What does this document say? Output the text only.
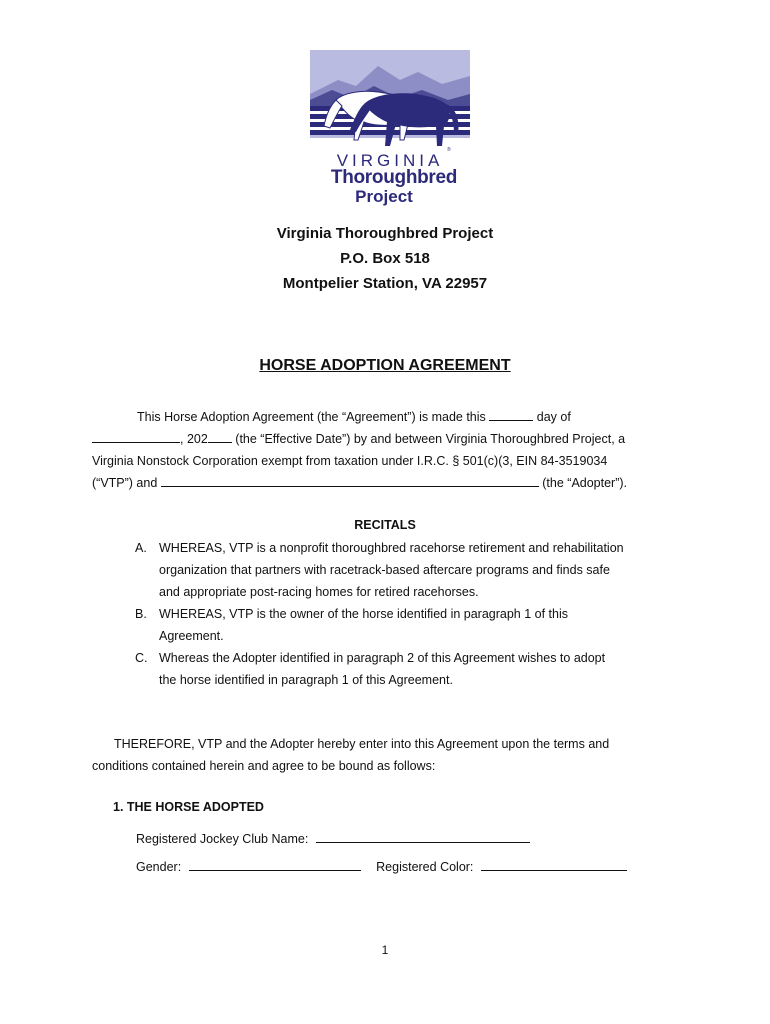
VIRGINIA
®
Thoroughbred
Project
Virginia Thoroughbred Project
P.O. Box 518
Montpelier Station, VA 22957
HORSE ADOPTION AGREEMENT
This Horse Adoption Agreement (the “Agreement”) is made this	day of
, 202 (the “Effective Date”) by and between Virginia Thoroughbred Project, a
Virginia Nonstock Corporation exempt from taxation under I.R.C. § 501(c)(3, EIN 84-3519034
(“VTP”) and	(the “Adopter”).
RECITALS
A. WHEREAS, VTP is a nonprofit thoroughbred racehorse retirement and rehabilitation
organization that partners with racetrack-based aftercare programs and finds safe
and appropriate post-racing homes for retired racehorses.
B. WHEREAS, VTP is the owner of the horse identified in paragraph 1 of this
Agreement.
C. Whereas the Adopter identified in paragraph 2 of this Agreement wishes to adopt
the horse identified in paragraph 1 of this Agreement.
THEREFORE, VTP and the Adopter hereby enter into this Agreement upon the terms and
conditions contained herein and agree to be bound as follows:
1. THE HORSE ADOPTED
Registered Jockey Club Name:
Gender:	Registered Color:
1
